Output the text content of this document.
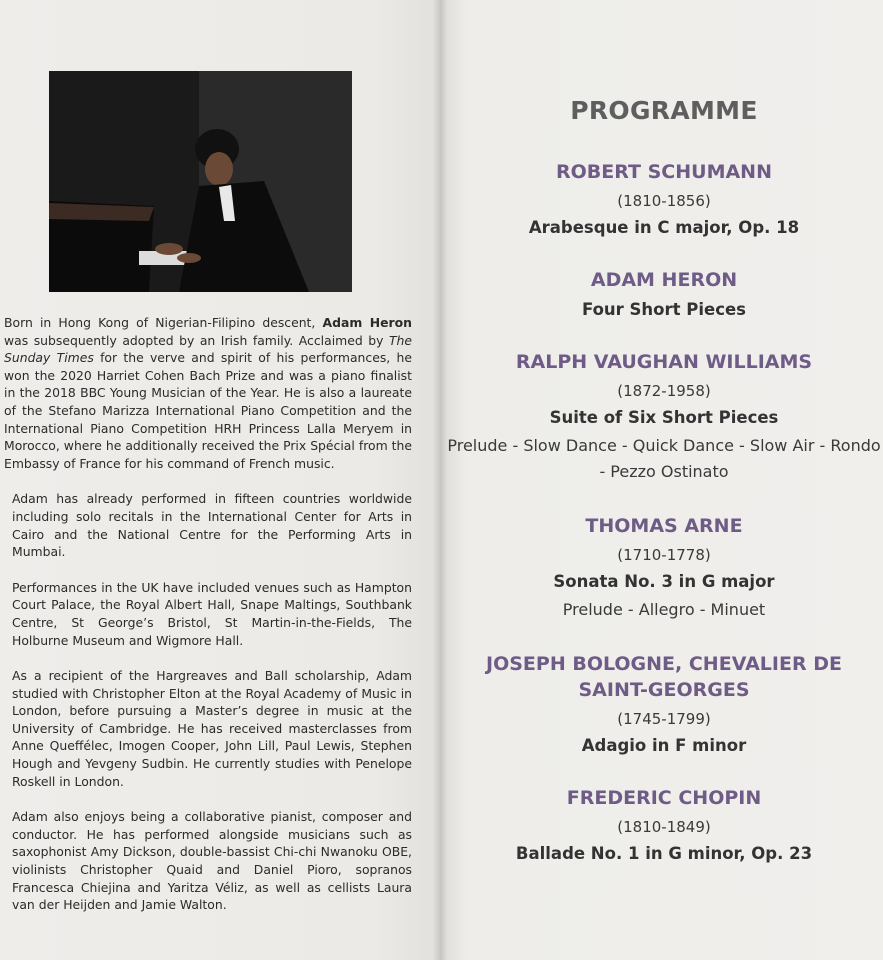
Born in Hong Kong of Nigerian-Filipino descent, Adam Heron was subsequently adopted by an Irish family. Acclaimed by The Sunday Times for the verve and spirit of his performances, he won the 2020 Harriet Cohen Bach Prize and was a piano finalist in the 2018 BBC Young Musician of the Year. He is also a laureate of the Stefano Marizza International Piano Competition and the International Piano Competition HRH Princess Lalla Meryem in Morocco, where he additionally received the Prix Spécial from the Embassy of France for his command of French music.

Adam has already performed in fifteen countries worldwide including solo recitals in the International Center for Arts in Cairo and the National Centre for the Performing Arts in Mumbai.

Performances in the UK have included venues such as Hampton Court Palace, the Royal Albert Hall, Snape Maltings, Southbank Centre, St George’s Bristol, St Martin-in-the-Fields, The Holburne Museum and Wigmore Hall.

As a recipient of the Hargreaves and Ball scholarship, Adam studied with Christopher Elton at the Royal Academy of Music in London, before pursuing a Master’s degree in music at the University of Cambridge. He has received masterclasses from Anne Queffélec, Imogen Cooper, John Lill, Paul Lewis, Stephen Hough and Yevgeny Sudbin. He currently studies with Penelope Roskell in London.

Adam also enjoys being a collaborative pianist, composer and conductor. He has performed alongside musicians such as saxophonist Amy Dickson, double-bassist Chi-chi Nwanoku OBE, violinists Christopher Quaid and Daniel Pioro, sopranos Francesca Chiejina and Yaritza Véliz, as well as cellists Laura van der Heijden and Jamie Walton.

PROGRAMME

ROBERT SCHUMANN

(1810-1856)

Arabesque in C major, Op. 18

ADAM HERON

Four Short Pieces

RALPH VAUGHAN WILLIAMS

(1872-1958)

Suite of Six Short Pieces

Prelude - Slow Dance - Quick Dance - Slow Air - Rondo - Pezzo Ostinato

THOMAS ARNE

(1710-1778)

Sonata No. 3 in G major

Prelude - Allegro - Minuet

JOSEPH BOLOGNE, CHEVALIER DE SAINT-GEORGES

(1745-1799)

Adagio in F minor

FREDERIC CHOPIN

(1810-1849)

Ballade No. 1 in G minor, Op. 23
